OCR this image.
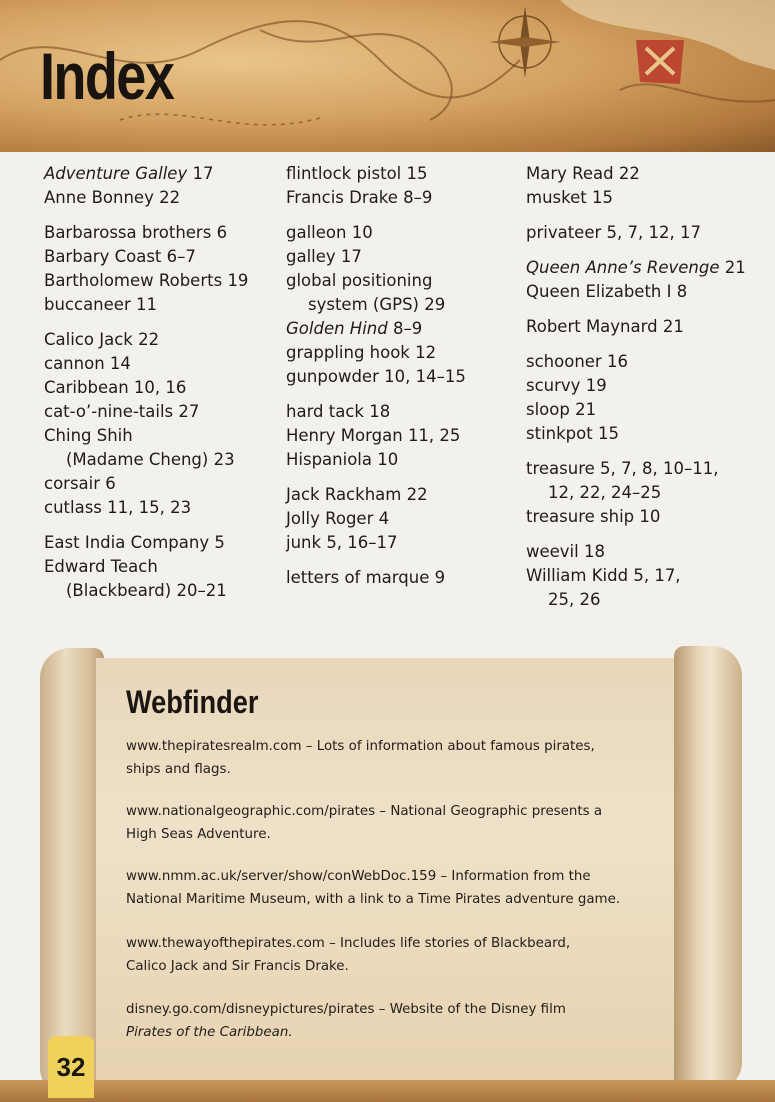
Index
Adventure Galley 17
Anne Bonney 22
Barbarossa brothers 6
Barbary Coast 6–7
Bartholomew Roberts 19
buccaneer 11
Calico Jack 22
cannon 14
Caribbean 10, 16
cat-o’-nine-tails 27
Ching Shih
(Madame Cheng) 23
corsair 6
cutlass 11, 15, 23
East India Company 5
Edward Teach
(Blackbeard) 20–21
flintlock pistol 15
Francis Drake 8–9
galleon 10
galley 17
global positioning
system (GPS) 29
Golden Hind 8–9
grappling hook 12
gunpowder 10, 14–15
hard tack 18
Henry Morgan 11, 25
Hispaniola 10
Jack Rackham 22
Jolly Roger 4
junk 5, 16–17
letters of marque 9
Mary Read 22
musket 15
privateer 5, 7, 12, 17
Queen Anne’s Revenge 21
Queen Elizabeth I 8
Robert Maynard 21
schooner 16
scurvy 19
sloop 21
stinkpot 15
treasure 5, 7, 8, 10–11,
12, 22, 24–25
treasure ship 10
weevil 18
William Kidd 5, 17,
25, 26
Webfinder
www.thepiratesrealm.com – Lots of information about famous pirates,
ships and flags.
www.nationalgeographic.com/pirates – National Geographic presents a
High Seas Adventure.
www.nmm.ac.uk/server/show/conWebDoc.159 – Information from the
National Maritime Museum, with a link to a Time Pirates adventure game.
www.thewayofthepirates.com – Includes life stories of Blackbeard,
Calico Jack and Sir Francis Drake.
disney.go.com/disneypictures/pirates – Website of the Disney film
Pirates of the Caribbean.
32
